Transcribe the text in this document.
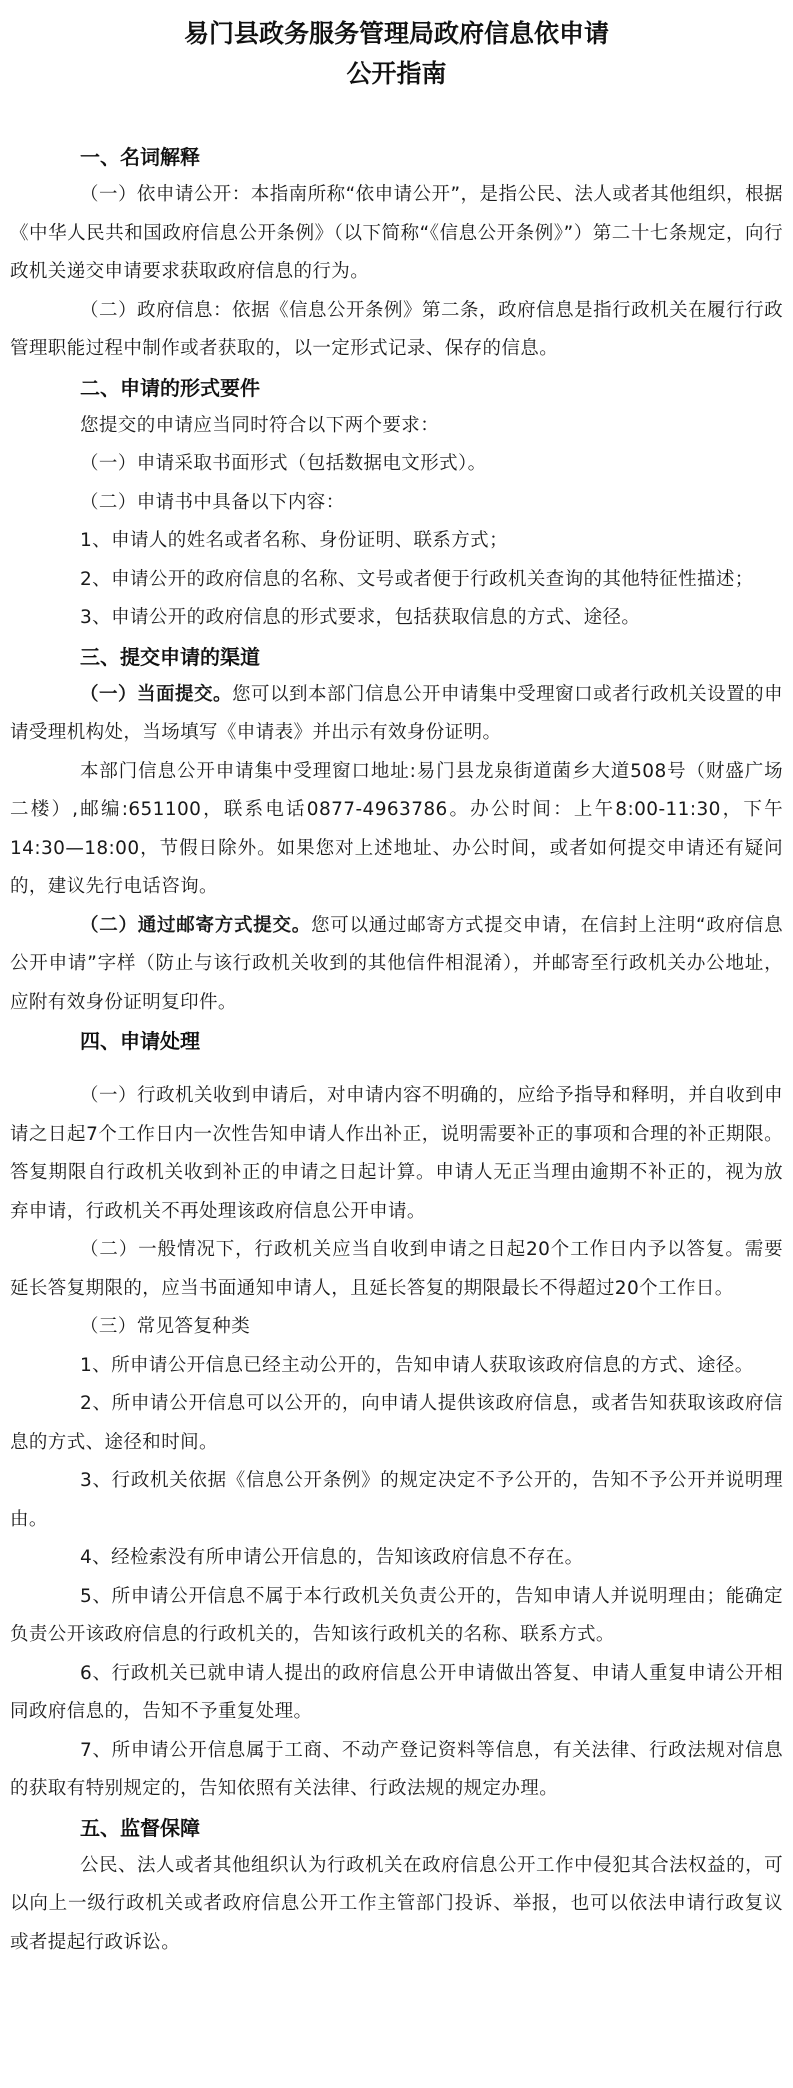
易门县政务服务管理局政府信息依申请
公开指南
一、名词解释

（一）依申请公开：本指南所称“依申请公开”，是指公民、法人或者其他组织，根据《中华人民共和国政府信息公开条例》（以下简称“《信息公开条例》”）第二十七条规定，向行政机关递交申请要求获取政府信息的行为。

（二）政府信息：依据《信息公开条例》第二条，政府信息是指行政机关在履行行政管理职能过程中制作或者获取的，以一定形式记录、保存的信息。

二、申请的形式要件

您提交的申请应当同时符合以下两个要求：

（一）申请采取书面形式（包括数据电文形式）。

（二）申请书中具备以下内容：

1、申请人的姓名或者名称、身份证明、联系方式；

2、申请公开的政府信息的名称、文号或者便于行政机关查询的其他特征性描述；

3、申请公开的政府信息的形式要求，包括获取信息的方式、途径。

三、提交申请的渠道

（一）当面提交。您可以到本部门信息公开申请集中受理窗口或者行政机关设置的申请受理机构处，当场填写《申请表》并出示有效身份证明。

本部门信息公开申请集中受理窗口地址:易门县龙泉街道菌乡大道508号（财盛广场二楼）,邮编:651100，联系电话0877-4963786。办公时间：上午8:00-11:30，下午14:30—18:00，节假日除外。如果您对上述地址、办公时间，或者如何提交申请还有疑问的，建议先行电话咨询。

（二）通过邮寄方式提交。您可以通过邮寄方式提交申请，在信封上注明“政府信息公开申请”字样（防止与该行政机关收到的其他信件相混淆），并邮寄至行政机关办公地址，应附有效身份证明复印件。

四、申请处理

（一）行政机关收到申请后，对申请内容不明确的，应给予指导和释明，并自收到申请之日起7个工作日内一次性告知申请人作出补正，说明需要补正的事项和合理的补正期限。答复期限自行政机关收到补正的申请之日起计算。申请人无正当理由逾期不补正的，视为放弃申请，行政机关不再处理该政府信息公开申请。

（二）一般情况下，行政机关应当自收到申请之日起20个工作日内予以答复。需要延长答复期限的，应当书面通知申请人，且延长答复的期限最长不得超过20个工作日。

（三）常见答复种类

1、所申请公开信息已经主动公开的，告知申请人获取该政府信息的方式、途径。

2、所申请公开信息可以公开的，向申请人提供该政府信息，或者告知获取该政府信息的方式、途径和时间。

3、行政机关依据《信息公开条例》的规定决定不予公开的，告知不予公开并说明理由。

4、经检索没有所申请公开信息的，告知该政府信息不存在。

5、所申请公开信息不属于本行政机关负责公开的，告知申请人并说明理由；能确定负责公开该政府信息的行政机关的，告知该行政机关的名称、联系方式。

6、行政机关已就申请人提出的政府信息公开申请做出答复、申请人重复申请公开相同政府信息的，告知不予重复处理。

7、所申请公开信息属于工商、不动产登记资料等信息，有关法律、行政法规对信息的获取有特别规定的，告知依照有关法律、行政法规的规定办理。

五、监督保障

公民、法人或者其他组织认为行政机关在政府信息公开工作中侵犯其合法权益的，可以向上一级行政机关或者政府信息公开工作主管部门投诉、举报，也可以依法申请行政复议或者提起行政诉讼。
